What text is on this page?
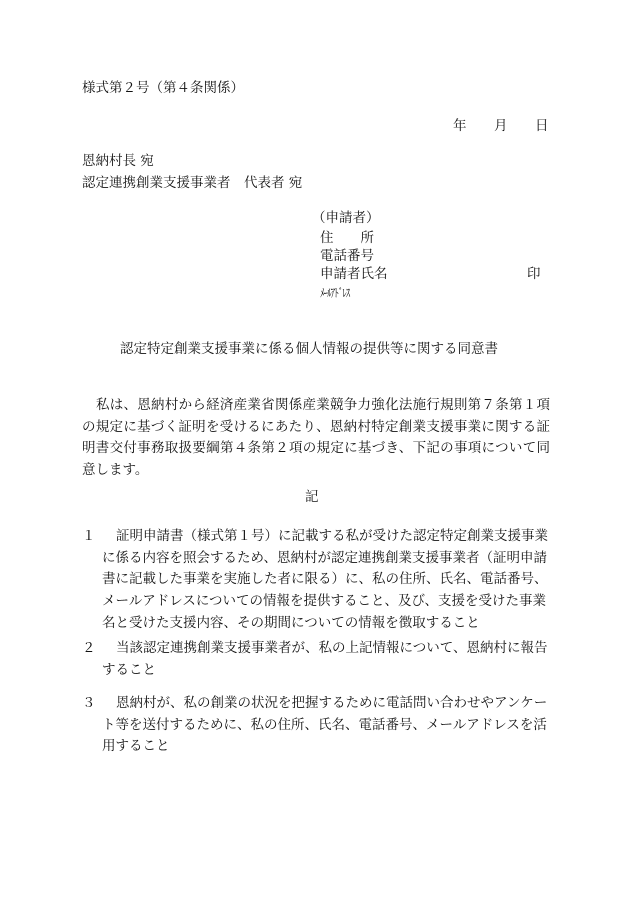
様式第２号（第４条関係）
年 月 日
恩納村長 宛
認定連携創業支援事業者　代表者 宛
（申請者）
住　　所
電話番号
申請者氏名	印
ﾒｰﾙｱﾄﾞﾚｽ
認定特定創業支援事業に係る個人情報の提供等に関する同意書
私は、恩納村から経済産業省関係産業競争力強化法施行規則第７条第１項の規定に基づく証明を受けるにあたり、恩納村特定創業支援事業に関する証明書交付事務取扱要綱第４条第２項の規定に基づき、下記の事項について同意します。
記
１	証明申請書（様式第１号）に記載する私が受けた認定特定創業支援事業に係る内容を照会するため、恩納村が認定連携創業支援事業者（証明申請書に記載した事業を実施した者に限る）に、私の住所、氏名、電話番号、メールアドレスについての情報を提供すること、及び、支援を受けた事業名と受けた支援内容、その期間についての情報を徴取すること
２	当該認定連携創業支援事業者が、私の上記情報について、恩納村に報告すること
３	恩納村が、私の創業の状況を把握するために電話問い合わせやアンケート等を送付するために、私の住所、氏名、電話番号、メールアドレスを活用すること
